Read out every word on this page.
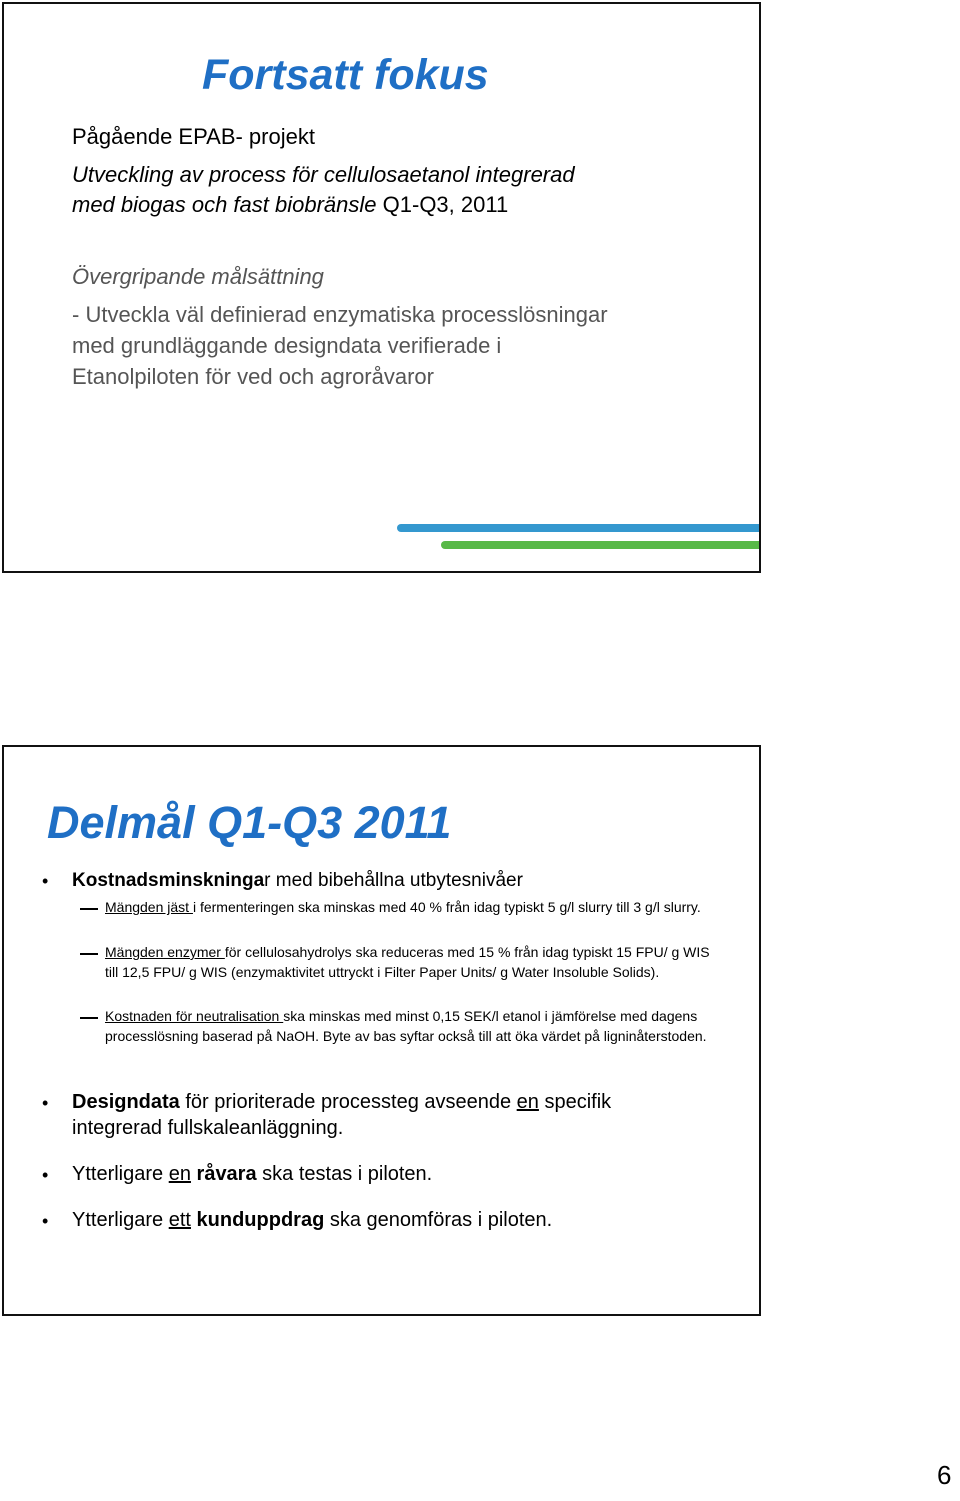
Fortsatt fokus

Pågående EPAB- projekt

Utveckling av process för cellulosaetanol integrerad

med biogas och fast biobränsle Q1-Q3, 2011

Övergripande målsättning

- Utveckla väl definierad enzymatiska processlösningar

med grundläggande designdata verifierade i

Etanolpiloten för ved och agroråvaror

Delmål Q1-Q3 2011
• Kostnadsminskningar med bibehållna utbytesnivåer

Mängden jäst i fermenteringen ska minskas med 40 % från idag typiskt 5 g/l slurry till 3 g/l slurry.

Mängden enzymer för cellulosahydrolys ska reduceras med 15 % från idag typiskt 15 FPU/ g WIS till 12,5 FPU/ g WIS (enzymaktivitet uttryckt i Filter Paper Units/ g Water Insoluble Solids).

Kostnaden för neutralisation ska minskas med minst 0,15 SEK/l etanol i jämförelse med dagens processlösning baserad på NaOH. Byte av bas syftar också till att öka värdet på ligninåterstoden.

• Designdata för prioriterade processteg avseende en specifik

integrerad fullskaleanläggning.

• Ytterligare en råvara ska testas i piloten.

• Ytterligare ett kunduppdrag ska genomföras i piloten.

6
